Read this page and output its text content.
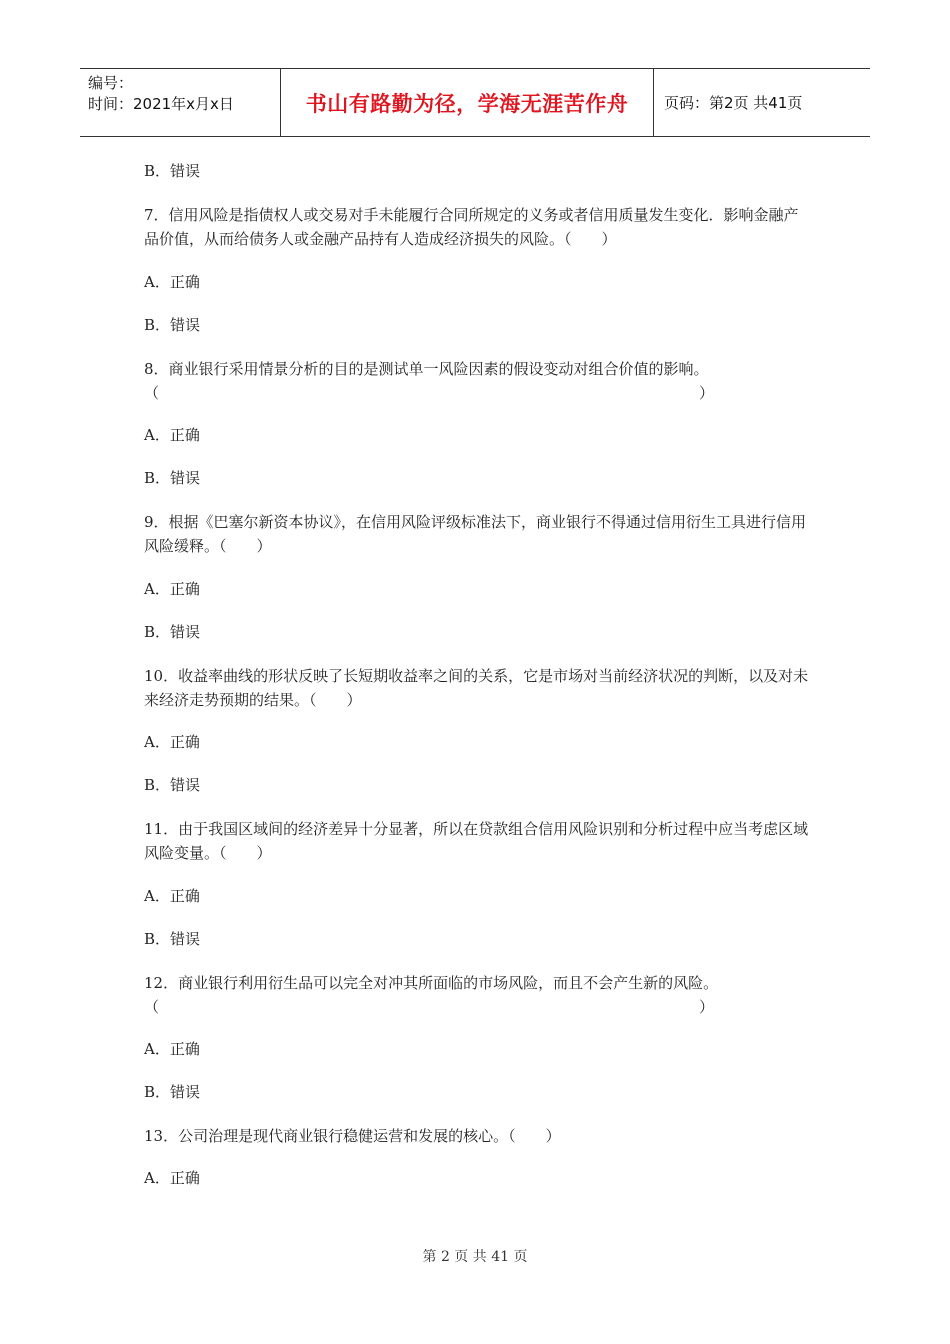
编号：
时间：2021年x月x日	书山有路勤为径，学海无涯苦作舟 页码：第2页 共41页
B．错误
7．信用风险是指债权人或交易对手未能履行合同所规定的义务或者信用质量发生变化．影响金融产品价值，从而给债务人或金融产品持有人造成经济损失的风险。（　　）
A．正确
B．错误
8．商业银行采用情景分析的目的是测试单一风险因素的假设变动对组合价值的影响。（　　　　　　　　　　　　　　　　　　　　　　　　　　　　　　　　　　　　）
A．正确
B．错误
9．根据《巴塞尔新资本协议》，在信用风险评级标准法下，商业银行不得通过信用衍生工具进行信用风险缓释。（　　）
A．正确
B．错误
10．收益率曲线的形状反映了长短期收益率之间的关系，它是市场对当前经济状况的判断，以及对未来经济走势预期的结果。（　　）
A．正确
B．错误
11．由于我国区域间的经济差异十分显著，所以在贷款组合信用风险识别和分析过程中应当考虑区域风险变量。（　　）
A．正确
B．错误
12．商业银行利用衍生品可以完全对冲其所面临的市场风险，而且不会产生新的风险。（　　　　　　　　　　　　　　　　　　　　　　　　　　　　　　　　　　　　）
A．正确
B．错误
13．公司治理是现代商业银行稳健运营和发展的核心。（　　）
A．正确
第 2 页 共 41 页
